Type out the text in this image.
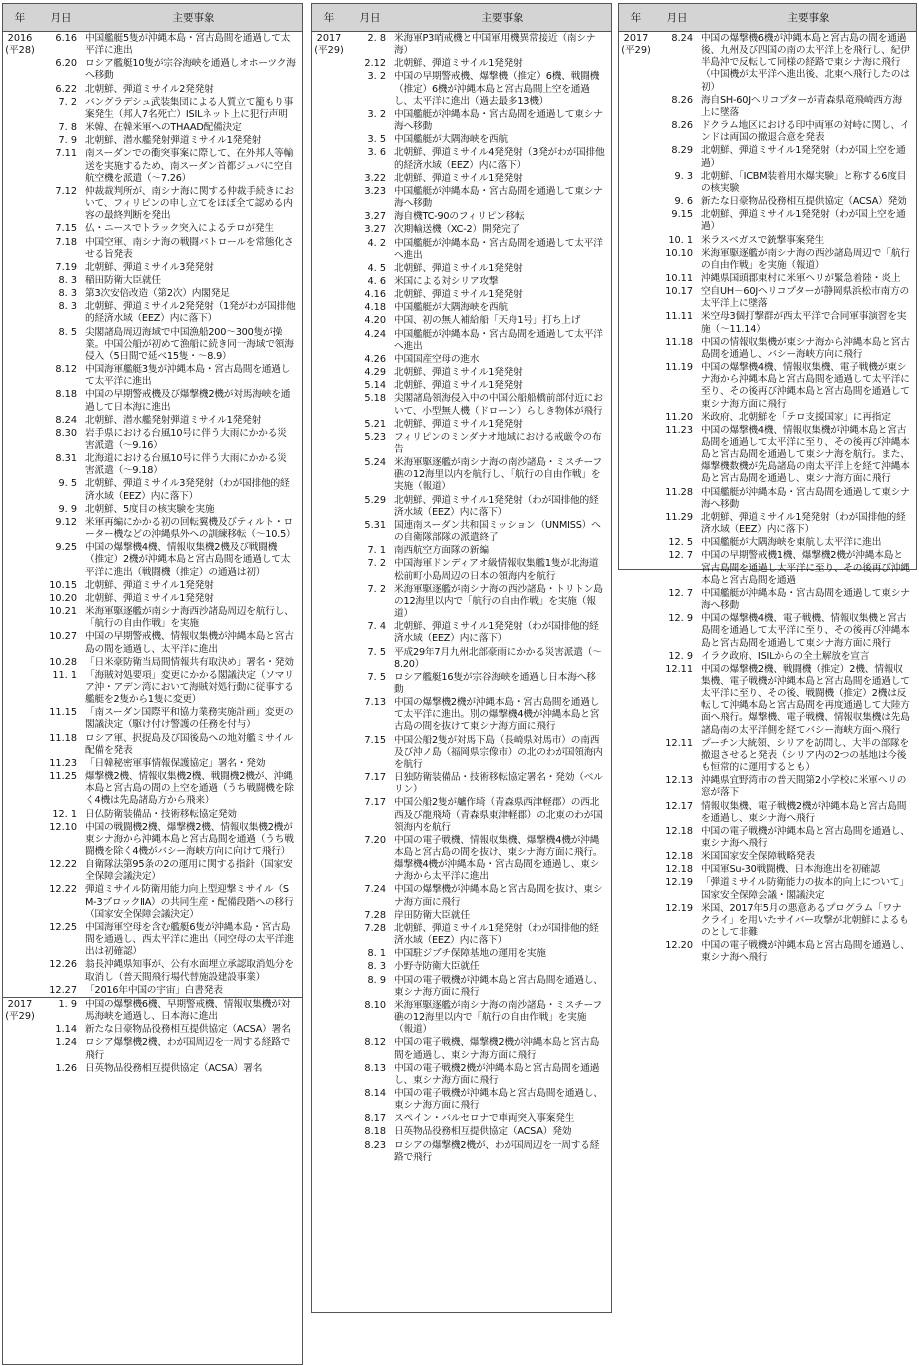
年	月日	主要事象
2016
(平28)
6.16 中国艦艇5隻が沖縄本島・宮古島間を通過して太平洋に進出
6.20 ロシア艦艇10隻が宗谷海峡を通過しオホーツク海へ移動
6.22 北朝鮮、弾道ミサイル2発発射
7. 2 バングラデシュ武装集団による人質立て籠もり事案発生（邦人7名死亡）ISILネット上に犯行声明
7. 8 米韓、在韓米軍へのTHAAD配備決定
7. 9 北朝鮮、潜水艦発射弾道ミサイル1発発射
7.11 南スーダンでの衝突事案に際して、在外邦人等輸送を実施するため、南スーダン首都ジュバに空自航空機を派遣（〜7.26）
7.12 仲裁裁判所が、南シナ海に関する仲裁手続きにおいて、フィリピンの申し立てをほぼ全て認める内容の最終判断を発出
7.15 仏・ニースでトラック突入によるテロが発生
7.18 中国空軍、南シナ海の戦闘パトロールを常態化させる旨発表
7.19 北朝鮮、弾道ミサイル3発発射
8. 3 稲田防衛大臣就任
8. 3 第3次安倍改造（第2次）内閣発足
8. 3 北朝鮮、弾道ミサイル2発発射（1発がわが国排他的経済水域（EEZ）内に落下）
8. 5 尖閣諸島周辺海域で中国漁船200〜300隻が操業。中国公船が初めて漁船に続き同一海域で領海侵入（5日間で延べ15隻・〜8.9）
8.12 中国海軍艦艇3隻が沖縄本島・宮古島間を通過して太平洋に進出
8.18 中国の早期警戒機及び爆撃機2機が対馬海峡を通過して日本海に進出
8.24 北朝鮮、潜水艦発射弾道ミサイル1発発射
8.30 岩手県における台風10号に伴う大雨にかかる災害派遣（〜9.16）
8.31 北海道における台風10号に伴う大雨にかかる災害派遣（〜9.18）
9. 5 北朝鮮、弾道ミサイル3発発射（わが国排他的経済水域（EEZ）内に落下）
9. 9 北朝鮮、5度目の核実験を実施
9.12 米軍再編にかかる初の回転翼機及びティルト・ローター機などの沖縄県外への訓練移転（〜10.5）
9.25 中国の爆撃機4機、情報収集機2機及び戦闘機（推定）2機が沖縄本島と宮古島間を通過して太平洋に進出（戦闘機（推定）の通過は初）
10.15 北朝鮮、弾道ミサイル1発発射
10.20 北朝鮮、弾道ミサイル1発発射
10.21 米海軍駆逐艦が南シナ海西沙諸島周辺を航行し、「航行の自由作戦」を実施
10.27 中国の早期警戒機、情報収集機が沖縄本島と宮古島の間を通過し、太平洋に進出
10.28 「日米豪防衛当局間情報共有取決め」署名・発効
11. 1 「海賊対処要項」変更にかかる閣議決定（ソマリア沖・アデン湾において海賊対処行動に従事する艦艇を2隻から1隻に変更）
11.15 「南スーダン国際平和協力業務実施計画」変更の閣議決定（駆け付け警護の任務を付与）
11.18 ロシア軍、択捉島及び国後島への地対艦ミサイル配備を発表
11.23 「日韓秘密軍事情報保護協定」署名・発効
11.25 爆撃機2機、情報収集機2機、戦闘機2機が、沖縄本島と宮古島の間の上空を通過（うち戦闘機を除く4機は先島諸島方から飛来）
12. 1 日仏防衛装備品・技術移転協定発効
12.10 中国の戦闘機2機、爆撃機2機、情報収集機2機が東シナ海から沖縄本島と宮古島間を通過（うち戦闘機を除く4機がバシー海峡方向に向けて飛行）
12.22 自衛隊法第95条の2の運用に関する指針（国家安全保障会議決定）
12.22 弾道ミサイル防衛用能力向上型迎撃ミサイル（SM-3ブロックⅡA）の共同生産・配備段階への移行（国家安全保障会議決定）
12.25 中国海軍空母を含む艦艇6隻が沖縄本島・宮古島間を通過し、西太平洋に進出（同空母の太平洋進出は初確認）
12.26 翁長沖縄県知事が、公有水面埋立承認取消処分を取消し（普天間飛行場代替施設建設事業）
12.27 「2016年中国の宇宙」白書発表
2017
(平29)
1. 9 中国の爆撃機6機、早期警戒機、情報収集機が対馬海峡を通過し、日本海に進出
1.14 新たな日豪物品役務相互提供協定（ACSA）署名
1.24 ロシア爆撃機2機、わが国周辺を一周する経路で飛行
1.26 日英物品役務相互提供協定（ACSA）署名
年	月日	主要事象
2017
(平29)
2. 8 米海軍P3哨戒機と中国軍用機異常接近（南シナ海）
2.12 北朝鮮、弾道ミサイル1発発射
3. 2 中国の早期警戒機、爆撃機（推定）6機、戦闘機（推定）6機が沖縄本島と宮古島間上空を通過し、太平洋に進出（過去最多13機）
3. 2 中国艦艇が沖縄本島・宮古島間を通過して東シナ海へ移動
3. 5 中国艦艇が大隅海峡を西航
3. 6 北朝鮮、弾道ミサイル4発発射（3発がわが国排他的経済水域（EEZ）内に落下）
3.22 北朝鮮、弾道ミサイル1発発射
3.23 中国艦艇が沖縄本島・宮古島間を通過して東シナ海へ移動
3.27 海自機TC-90のフィリピン移転
3.27 次期輸送機（XC-2）開発完了
4. 2 中国艦艇が沖縄本島・宮古島間を通過して太平洋へ進出
4. 5 北朝鮮、弾道ミサイル1発発射
4. 6 米国による対シリア攻撃
4.16 北朝鮮、弾道ミサイル1発発射
4.18 中国艦艇が大隅海峡を西航
4.20 中国、初の無人補給船「天舟1号」打ち上げ
4.24 中国艦艇が沖縄本島・宮古島間を通過して太平洋へ進出
4.26 中国国産空母の進水
4.29 北朝鮮、弾道ミサイル1発発射
5.14 北朝鮮、弾道ミサイル1発発射
5.18 尖閣諸島領海侵入中の中国公船船橋前部付近において、小型無人機（ドローン）らしき物体が飛行
5.21 北朝鮮、弾道ミサイル1発発射
5.23 フィリピンのミンダナオ地域における戒厳令の布告
5.24 米海軍駆逐艦が南シナ海の南沙諸島・ミスチーフ礁の12海里以内を航行し、「航行の自由作戦」を実施（報道）
5.29 北朝鮮、弾道ミサイル1発発射（わが国排他的経済水域（EEZ）内に落下）
5.31 国連南スーダン共和国ミッション（UNMISS）への自衛隊部隊の派遣終了
7. 1 南西航空方面隊の新編
7. 2 中国海軍ドンディアオ級情報収集艦1隻が北海道松前町小島周辺の日本の領海内を航行
7. 2 米海軍駆逐艦が南シナ海の西沙諸島・トリトン島の12海里以内で「航行の自由作戦」を実施（報道）
7. 4 北朝鮮、弾道ミサイル1発発射（わが国排他的経済水域（EEZ）内に落下）
7. 5 平成29年7月九州北部豪雨にかかる災害派遣（〜8.20）
7. 5 ロシア艦艇16隻が宗谷海峡を通過し日本海へ移動
7.13 中国の爆撃機2機が沖縄本島・宮古島間を通過して太平洋に進出。別の爆撃機4機が沖縄本島と宮古島の間を抜けて東シナ海方面に飛行
7.15 中国公船2隻が対馬下島（長崎県対馬市）の南西及び沖ノ島（福岡県宗像市）の北のわが国領海内を航行
7.17 日独防衛装備品・技術移転協定署名・発効（ベルリン）
7.17 中国公船2隻が艫作埼（青森県西津軽郡）の西北西及び龍飛埼（青森県東津軽郡）の北東のわが国領海内を航行
7.20 中国の電子戦機、情報収集機、爆撃機4機が沖縄本島と宮古島の間を抜け、東シナ海方面に飛行。爆撃機4機が沖縄本島・宮古島間を通過し、東シナ海から太平洋に進出
7.24 中国の爆撃機が沖縄本島と宮古島間を抜け、東シナ海方面に飛行
7.28 岸田防衛大臣就任
7.28 北朝鮮、弾道ミサイル1発発射（わが国排他的経済水域（EEZ）内に落下）
8. 1 中国駐ジブチ保障基地の運用を実施
8. 3 小野寺防衛大臣就任
8. 9 中国の電子戦機が沖縄本島と宮古島間を通過し、東シナ海方面に飛行
8.10 米海軍駆逐艦が南シナ海の南沙諸島・ミスチーフ礁の12海里以内で「航行の自由作戦」を実施（報道）
8.12 中国の電子戦機、爆撃機2機が沖縄本島と宮古島間を通過し、東シナ海方面に飛行
8.13 中国の電子戦機2機が沖縄本島と宮古島間を通過し、東シナ海方面に飛行
8.14 中国の電子戦機が沖縄本島と宮古島間を通過し、東シナ海方面に飛行
8.17 スペイン・バルセロナで車両突入事案発生
8.18 日英物品役務相互提供協定（ACSA）発効
8.23 ロシアの爆撃機2機が、わが国周辺を一周する経路で飛行
年	月日	主要事象
2017
(平29)
8.24 中国の爆撃機6機が沖縄本島と宮古島の間を通過後、九州及び四国の南の太平洋上を飛行し、紀伊半島沖で反転して同様の経路で東シナ海に飛行（中国機が太平洋へ進出後、北東へ飛行したのは初）
8.26 海自SH-60Jヘリコプターが青森県竜飛崎西方海上に墜落
8.26 ドクラム地区における印中両軍の対峙に関し、インドは両国の撤退合意を発表
8.29 北朝鮮、弾道ミサイル1発発射（わが国上空を通過）
9. 3 北朝鮮、「ICBM装着用水爆実験」と称する6度目の核実験
9. 6 新たな日豪物品役務相互提供協定（ACSA）発効
9.15 北朝鮮、弾道ミサイル1発発射（わが国上空を通過）
10. 1 米ラスベガスで銃撃事案発生
10.10 米海軍駆逐艦が南シナ海の西沙諸島周辺で「航行の自由作戦」を実施（報道）
10.11 沖縄県国頭郡東村に米軍ヘリが緊急着陸・炎上
10.17 空自UH－60Jヘリコプターが静岡県浜松市南方の太平洋上に墜落
11.11 米空母3個打撃群が西太平洋で合同軍事演習を実施（〜11.14）
11.18 中国の情報収集機が東シナ海から沖縄本島と宮古島間を通過し、バシー海峡方向に飛行
11.19 中国の爆撃機4機、情報収集機、電子戦機が東シナ海から沖縄本島と宮古島間を通過して太平洋に至り、その後再び沖縄本島と宮古島間を通過して東シナ海方面に飛行
11.20 米政府、北朝鮮を「テロ支援国家」に再指定
11.23 中国の爆撃機4機、情報収集機が沖縄本島と宮古島間を通過して太平洋に至り、その後再び沖縄本島と宮古島間を通過して東シナ海を航行。また、爆撃機数機が先島諸島の南太平洋上を経て沖縄本島と宮古島間を通過し、東シナ海方面に飛行
11.28 中国艦艇が沖縄本島・宮古島間を通過して東シナ海へ移動
11.29 北朝鮮、弾道ミサイル1発発射（わが国排他的経済水域（EEZ）内に落下）
12. 5 中国艦艇が大隅海峡を東航し太平洋に進出
12. 7 中国の早期警戒機1機、爆撃機2機が沖縄本島と宮古島間を通過し太平洋に至り、その後再び沖縄本島と宮古島間を通過
12. 7 中国艦艇が沖縄本島・宮古島間を通過して東シナ海へ移動
12. 9 中国の爆撃機4機、電子戦機、情報収集機と宮古島間を通過して太平洋に至り、その後再び沖縄本島と宮古島間を通過して東シナ海方面に飛行
12. 9 イラク政府、ISILからの全土解放を宣言
12.11 中国の爆撃機2機、戦闘機（推定）2機、情報収集機、電子戦機が沖縄本島と宮古島間を通過して太平洋に至り、その後、戦闘機（推定）2機は反転して沖縄本島と宮古島間を再度通過して大陸方面へ飛行。爆撃機、電子戦機、情報収集機は先島諸島南の太平洋側を経てバシー海峡方面へ飛行
12.11 プーチン大統領、シリアを訪問し、大半の部隊を撤退させると発表（シリア内の2つの基地は今後も恒常的に運用するとも）
12.13 沖縄県宜野湾市の普天間第2小学校に米軍ヘリの窓が落下
12.17 情報収集機、電子戦機2機が沖縄本島と宮古島間を通過し、東シナ海へ飛行
12.18 中国の電子戦機が沖縄本島と宮古島間を通過し、東シナ海へ飛行
12.18 米国国家安全保障戦略発表
12.18 中国軍Su-30戦闘機、日本海進出を初確認
12.19 「弾道ミサイル防衛能力の抜本的向上について」国家安全保障会議・閣議決定
12.19 米国、2017年5月の悪意あるプログラム「ワナクライ」を用いたサイバー攻撃が北朝鮮によるものとして非難
12.20 中国の電子戦機が沖縄本島と宮古島間を通過し、東シナ海へ飛行
